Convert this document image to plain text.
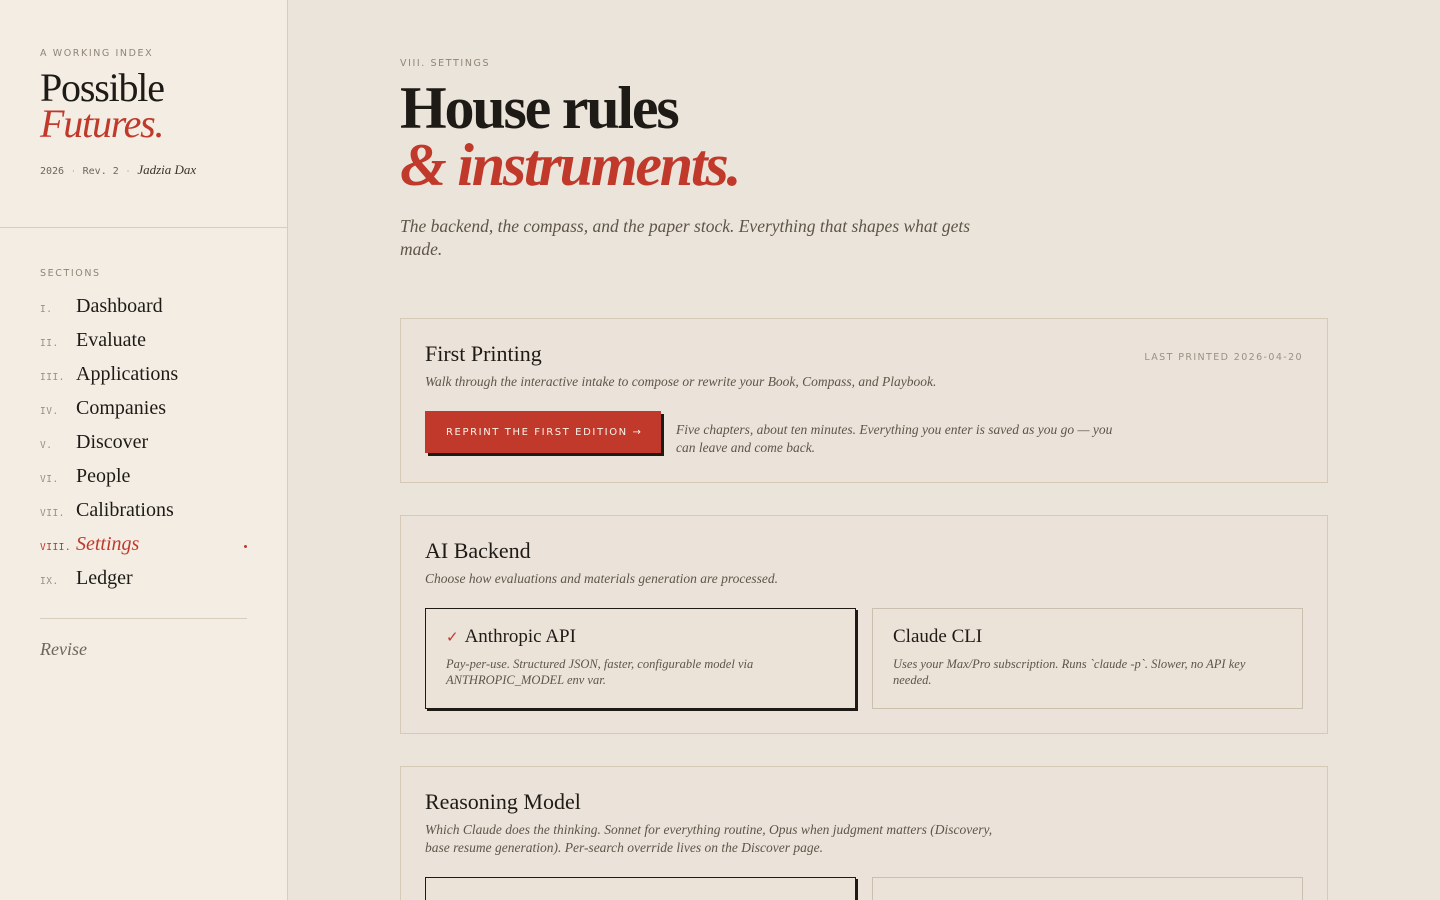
A WORKING INDEX
Possible
Futures.
2026 · Rev. 2 · Jadzia Dax
SECTIONS
I.	Dashboard
II. Evaluate
III. Applications
IV. Companies
V.	Discover
VI. People
VII. Calibrations
VIII. Settings
IX. Ledger
Revise
VIII. SETTINGS
House rules
& instruments.

The backend, the compass, and the paper stock. Everything that shapes what gets made.

First Printing	LAST PRINTED 2026-04-20
Walk through the interactive intake to compose or rewrite your Book, Compass, and Playbook.
REPRINT THE FIRST EDITION →	Five chapters, about ten minutes. Everything you enter is saved as you go — you can leave and come back.
AI Backend
Choose how evaluations and materials generation are processed.
✓ Anthropic API
Pay-per-use. Structured JSON, faster, configurable model via ANTHROPIC_MODEL env var.
Claude CLI
Uses your Max/Pro subscription. Runs `claude -p`. Slower, no API key needed.
Reasoning Model
Which Claude does the thinking. Sonnet for everything routine, Opus when judgment matters (Discovery, base resume generation). Per-search override lives on the Discover page.
